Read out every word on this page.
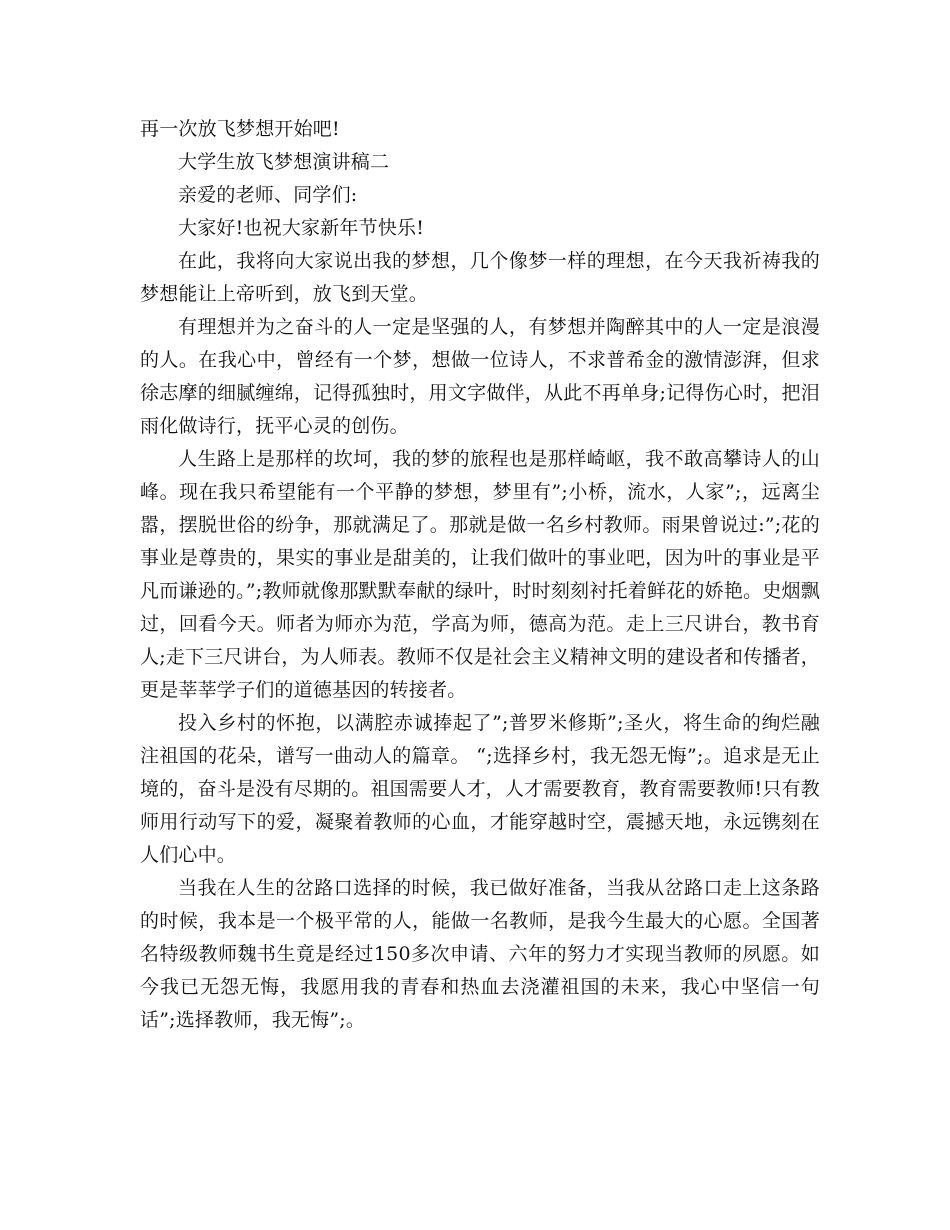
再一次放飞梦想开始吧!

大学生放飞梦想演讲稿二

亲爱的老师、同学们:

大家好!也祝大家新年节快乐!

在此，我将向大家说出我的梦想，几个像梦一样的理想，在今天我祈祷我的梦想能让上帝听到，放飞到天堂。

有理想并为之奋斗的人一定是坚强的人，有梦想并陶醉其中的人一定是浪漫的人。在我心中，曾经有一个梦，想做一位诗人，不求普希金的激情澎湃，但求徐志摩的细腻缠绵，记得孤独时，用文字做伴，从此不再单身;记得伤心时，把泪雨化做诗行，抚平心灵的创伤。

人生路上是那样的坎坷，我的梦的旅程也是那样崎岖，我不敢高攀诗人的山峰。现在我只希望能有一个平静的梦想，梦里有”;小桥，流水，人家”;，远离尘嚣，摆脱世俗的纷争，那就满足了。那就是做一名乡村教师。雨果曾说过:”;花的事业是尊贵的，果实的事业是甜美的，让我们做叶的事业吧，因为叶的事业是平凡而谦逊的。”;教师就像那默默奉献的绿叶，时时刻刻衬托着鲜花的娇艳。史烟飘过，回看今天。师者为师亦为范，学高为师，德高为范。走上三尺讲台，教书育人;走下三尺讲台，为人师表。教师不仅是社会主义精神文明的建设者和传播者，更是莘莘学子们的道德基因的转接者。

投入乡村的怀抱，以满腔赤诚捧起了”;普罗米修斯”;圣火，将生命的绚烂融注祖国的花朵，谱写一曲动人的篇章。 “;选择乡村，我无怨无悔”;。追求是无止境的，奋斗是没有尽期的。祖国需要人才，人才需要教育，教育需要教师!只有教师用行动写下的爱，凝聚着教师的心血，才能穿越时空，震撼天地，永远镌刻在人们心中。

当我在人生的岔路口选择的时候，我已做好准备，当我从岔路口走上这条路的时候，我本是一个极平常的人，能做一名教师，是我今生最大的心愿。全国著名特级教师魏书生竟是经过150多次申请、六年的努力才实现当教师的夙愿。如今我已无怨无悔，我愿用我的青春和热血去浇灌祖国的未来，我心中坚信一句话”;选择教师，我无悔”;。
